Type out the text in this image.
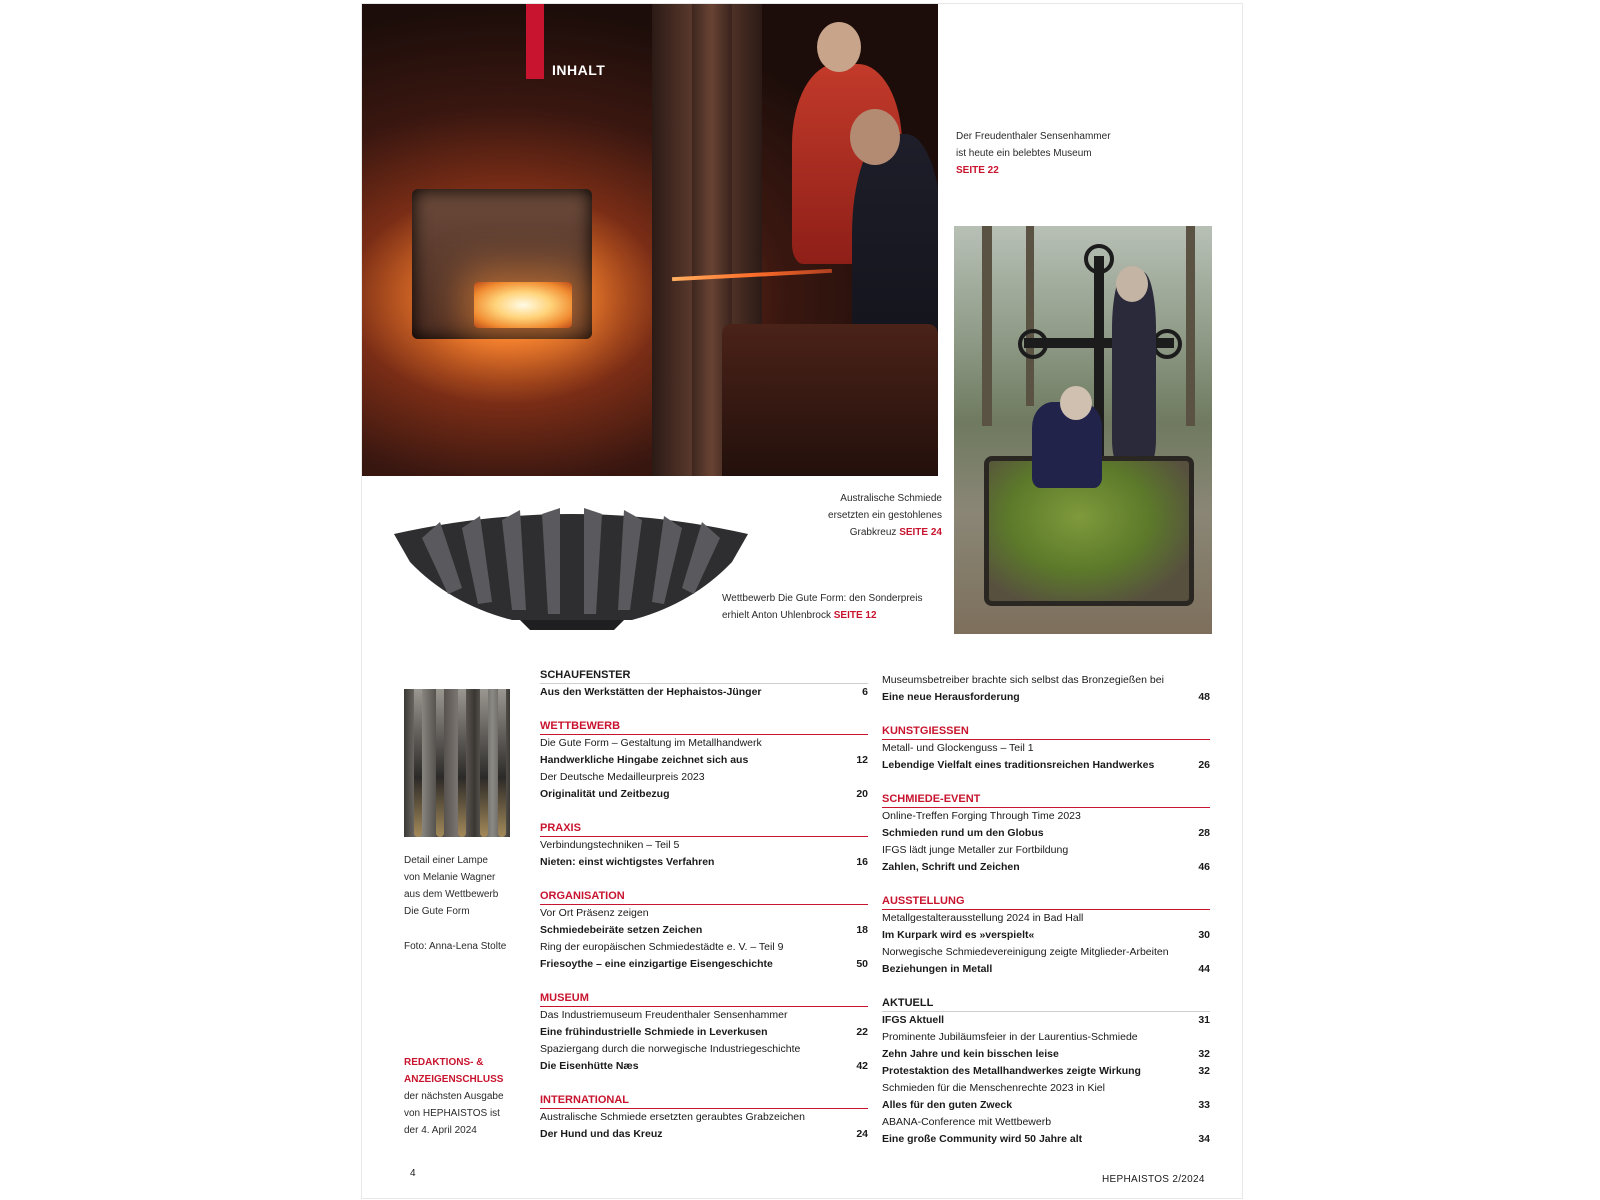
INHALT
Der Freudenthaler Sensenhammer
ist heute ein belebtes Museum
SEITE 22
Australische Schmiede
ersetzten ein gestohlenes
Grabkreuz SEITE 24
Wettbewerb Die Gute Form: den Sonderpreis
erhielt Anton Uhlenbrock SEITE 12
Detail einer Lampe
von Melanie Wagner
aus dem Wettbewerb
Die Gute Form
Foto: Anna-Lena Stolte
REDAKTIONS- &
ANZEIGENSCHLUSS
der nächsten Ausgabe
von HEPHAISTOS ist
der 4. April 2024
SCHAUFENSTER
Aus den Werkstätten der Hephaistos-Jünger	6
WETTBEWERB
Die Gute Form – Gestaltung im Metallhandwerk
Handwerkliche Hingabe zeichnet sich aus	12
Der Deutsche Medailleurpreis 2023
Originalität und Zeitbezug	20
PRAXIS
Verbindungstechniken – Teil 5
Nieten: einst wichtigstes Verfahren	16
ORGANISATION
Vor Ort Präsenz zeigen
Schmiedebeiräte setzen Zeichen	18
Ring der europäischen Schmiedestädte e. V. – Teil 9
Friesoythe – eine einzigartige Eisengeschichte	50
MUSEUM
Das Industriemuseum Freudenthaler Sensenhammer
Eine frühindustrielle Schmiede in Leverkusen	22
Spaziergang durch die norwegische Industriegeschichte
Die Eisenhütte Næs	42
INTERNATIONAL
Australische Schmiede ersetzten geraubtes Grabzeichen
Der Hund und das Kreuz	24
Museumsbetreiber brachte sich selbst das Bronzegießen bei
Eine neue Herausforderung	48
KUNSTGIESSEN
Metall- und Glockenguss – Teil 1
Lebendige Vielfalt eines traditionsreichen Handwerkes	26
SCHMIEDE-EVENT
Online-Treffen Forging Through Time 2023
Schmieden rund um den Globus	28
IFGS lädt junge Metaller zur Fortbildung
Zahlen, Schrift und Zeichen	46
AUSSTELLUNG
Metallgestalterausstellung 2024 in Bad Hall
Im Kurpark wird es »verspielt«	30
Norwegische Schmiedevereinigung zeigte Mitglieder-Arbeiten
Beziehungen in Metall	44
AKTUELL
IFGS Aktuell	31
Prominente Jubiläumsfeier in der Laurentius-Schmiede
Zehn Jahre und kein bisschen leise	32
Protestaktion des Metallhandwerkes zeigte Wirkung	32
Schmieden für die Menschenrechte 2023 in Kiel
Alles für den guten Zweck	33
ABANA-Conference mit Wettbewerb
Eine große Community wird 50 Jahre alt	34
4
HEPHAISTOS 2/2024
